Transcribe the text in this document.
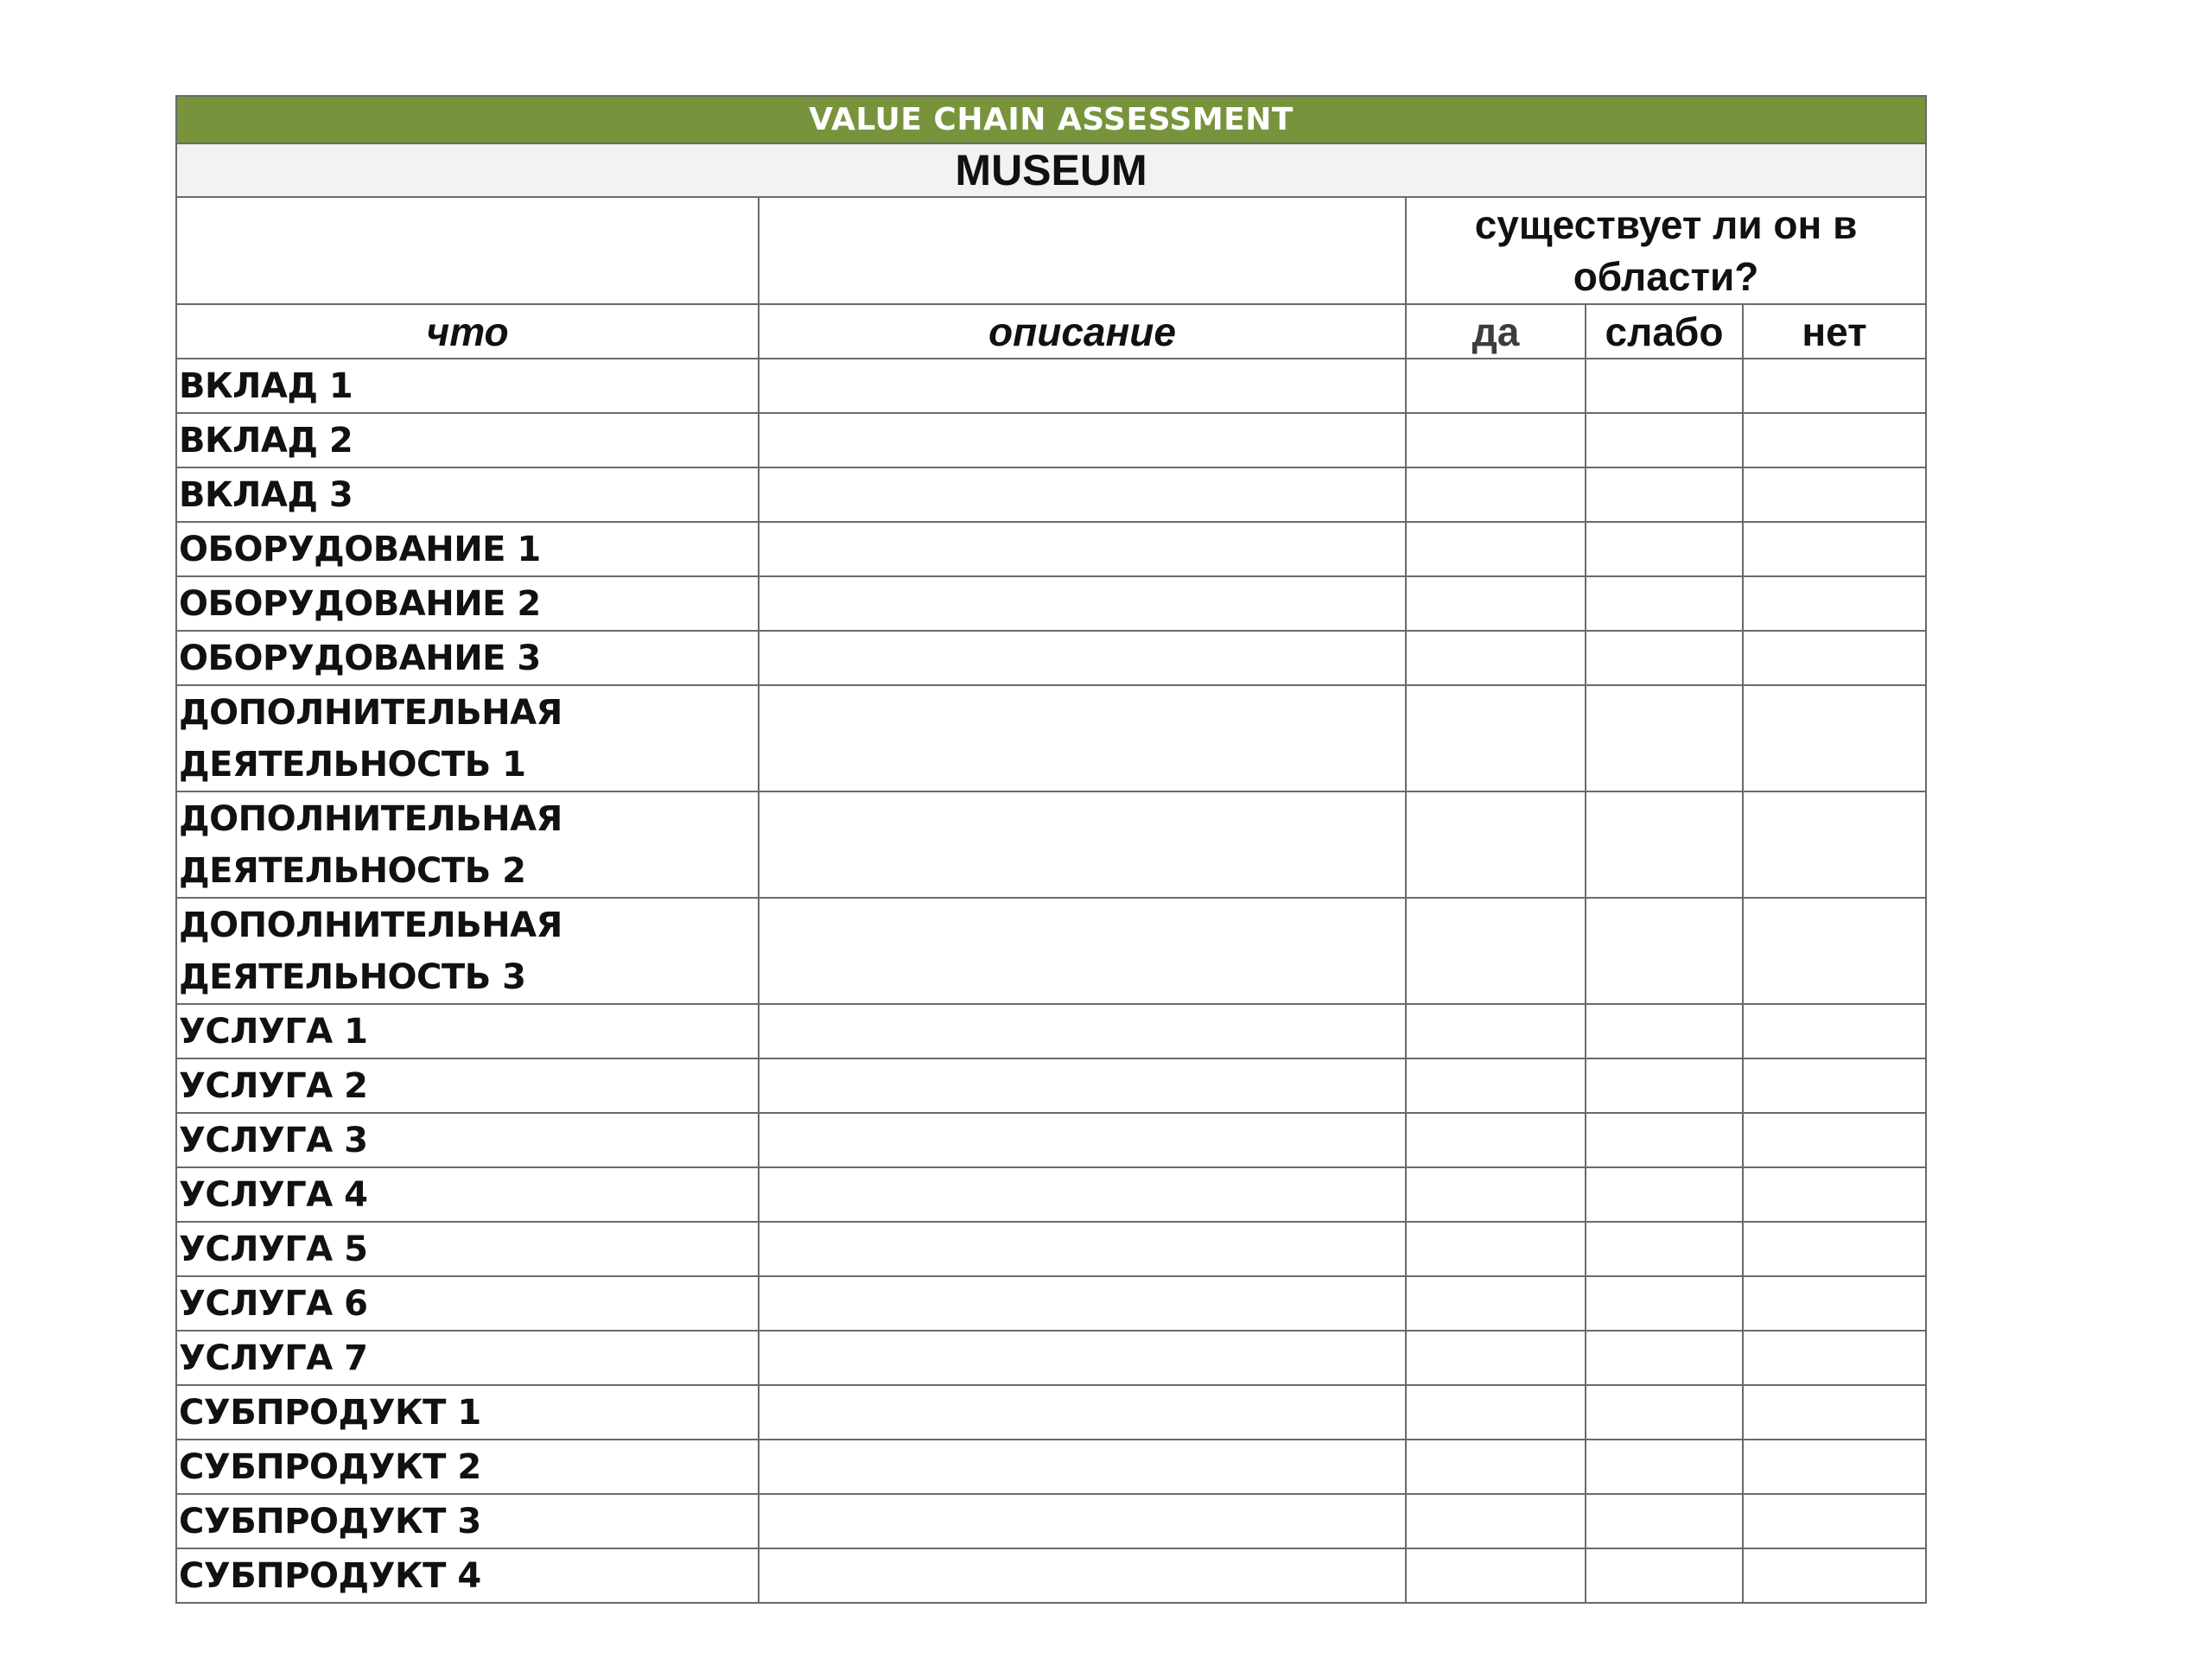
VALUE CHAIN ASSESSMENT				
MUSEUM				
		существует ли он в области?		
что	описание	да	слабо	нет
ВКЛАД 1				
ВКЛАД 2				
ВКЛАД 3				
ОБОРУДОВАНИЕ 1				
ОБОРУДОВАНИЕ 2				
ОБОРУДОВАНИЕ 3				
ДОПОЛНИТЕЛЬНАЯ ДЕЯТЕЛЬНОСТЬ 1				
ДОПОЛНИТЕЛЬНАЯ ДЕЯТЕЛЬНОСТЬ 2				
ДОПОЛНИТЕЛЬНАЯ ДЕЯТЕЛЬНОСТЬ 3				
УСЛУГА 1				
УСЛУГА 2				
УСЛУГА 3				
УСЛУГА 4				
УСЛУГА 5				
УСЛУГА 6				
УСЛУГА 7				
СУБПРОДУКТ 1				
СУБПРОДУКТ 2				
СУБПРОДУКТ 3				
СУБПРОДУКТ 4				
